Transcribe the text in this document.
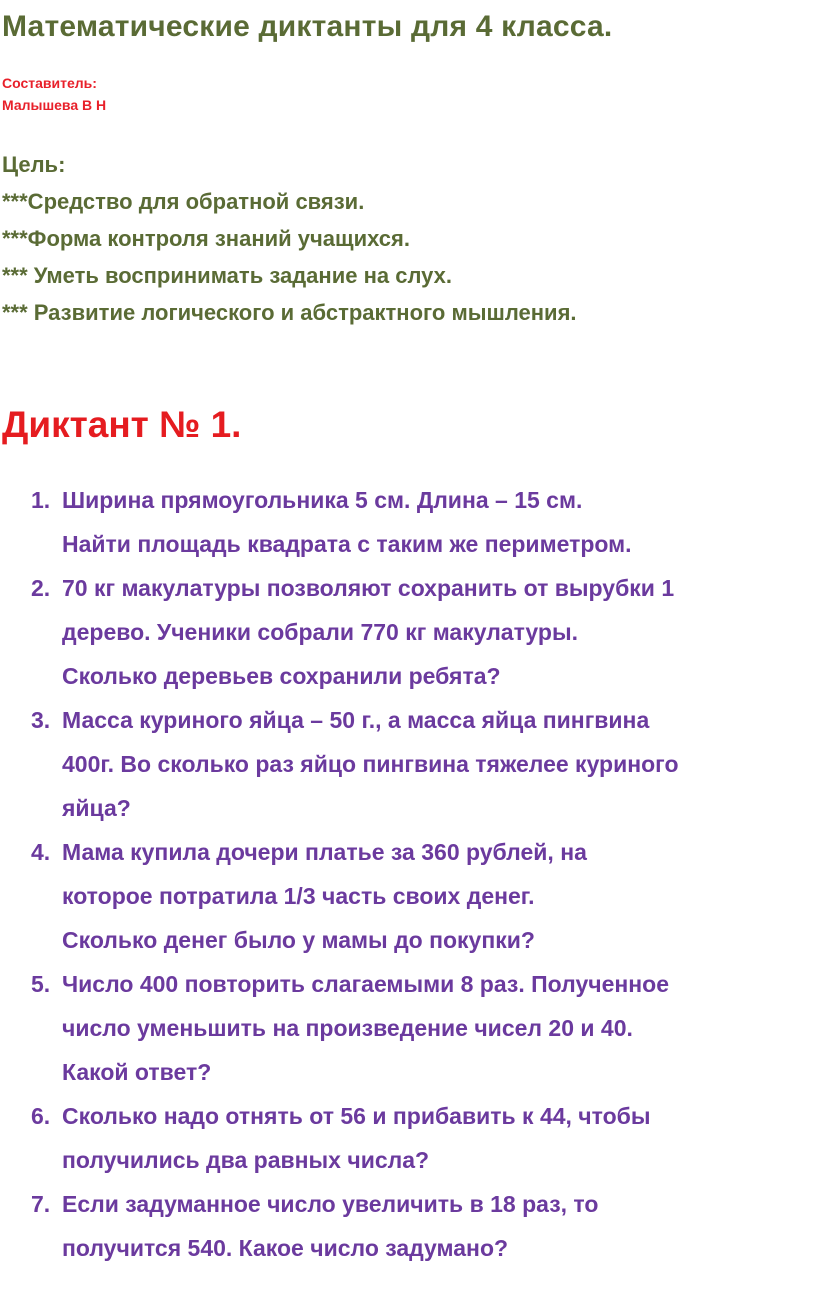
Математические диктанты для 4 класса.
Составитель:
Малышева В Н
Цель:
***Средство для обратной связи.
***Форма контроля знаний учащихся.
*** Уметь воспринимать задание на слух.
*** Развитие логического и абстрактного мышления.
Диктант № 1.
1. Ширина прямоугольника 5 см. Длина – 15 см.
Найти площадь квадрата с таким же периметром.
2. 70 кг макулатуры позволяют сохранить от вырубки 1
дерево. Ученики собрали 770 кг макулатуры.
Сколько деревьев сохранили ребята?
3. Масса куриного яйца – 50 г., а масса яйца пингвина
400г. Во сколько раз яйцо пингвина тяжелее куриного
яйца?
4. Мама купила дочери платье за 360 рублей, на
которое потратила 1/3 часть своих денег.
Сколько денег было у мамы до покупки?
5. Число 400 повторить слагаемыми 8 раз. Полученное
число уменьшить на произведение чисел 20 и 40.
Какой ответ?
6. Сколько надо отнять от 56 и прибавить к 44, чтобы
получились два равных числа?
7. Если задуманное число увеличить в 18 раз, то
получится 540. Какое число задумано?
